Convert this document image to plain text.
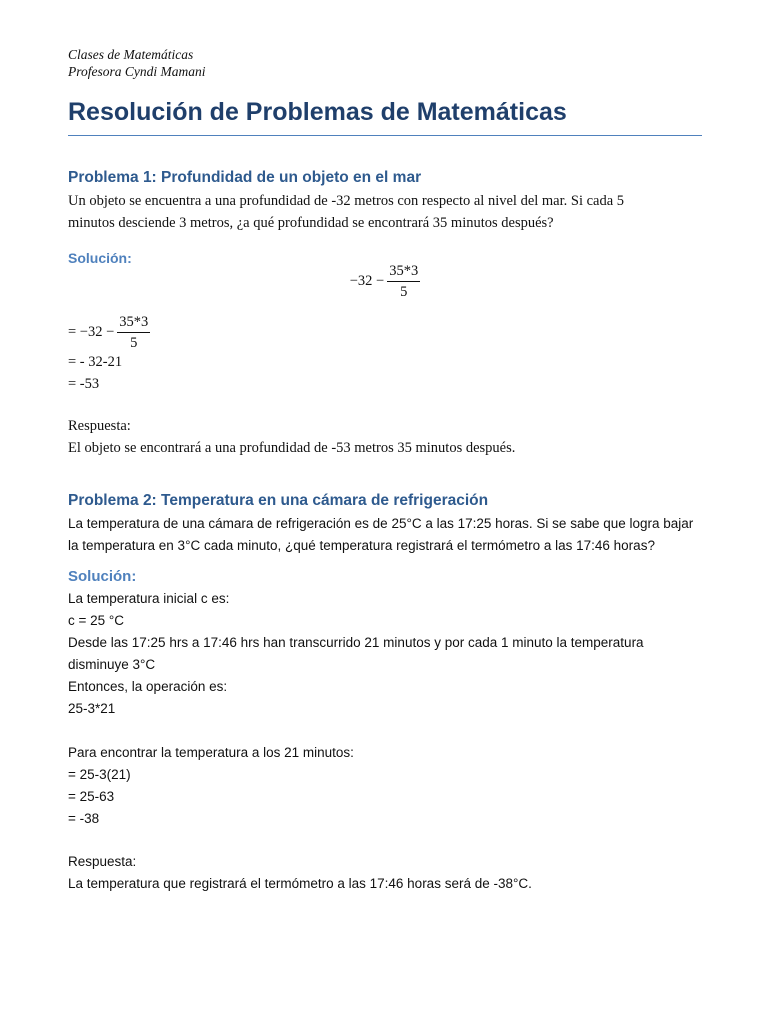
Clases de Matemáticas

Profesora Cyndi Mamani

Resolución de Problemas de Matemáticas
Problema 1: Profundidad de un objeto en el mar

Un objeto se encuentra a una profundidad de -32 metros con respecto al nivel del mar. Si cada 5

minutos desciende 3 metros, ¿a qué profundidad se encontrará 35 minutos después?

Solución:
$-32 - \frac{35*3}{5}$
= $-32 - \frac{35*3}{5}$

= - 32-21

= -53

Respuesta:

El objeto se encontrará a una profundidad de -53 metros 35 minutos después.

Problema 2: Temperatura en una cámara de refrigeración

La temperatura de una cámara de refrigeración es de 25°C a las 17:25 horas. Si se sabe que logra bajar

la temperatura en 3°C cada minuto, ¿qué temperatura registrará el termómetro a las 17:46 horas?

Solución:

La temperatura inicial c es:

c = 25 °C

Desde las 17:25 hrs a 17:46 hrs han transcurrido 21 minutos y por cada 1 minuto la temperatura

disminuye 3°C

Entonces, la operación es:

25-3*21

Para encontrar la temperatura a los 21 minutos:

= 25-3(21)

= 25-63

= -38

Respuesta:

La temperatura que registrará el termómetro a las 17:46 horas será de -38°C.
